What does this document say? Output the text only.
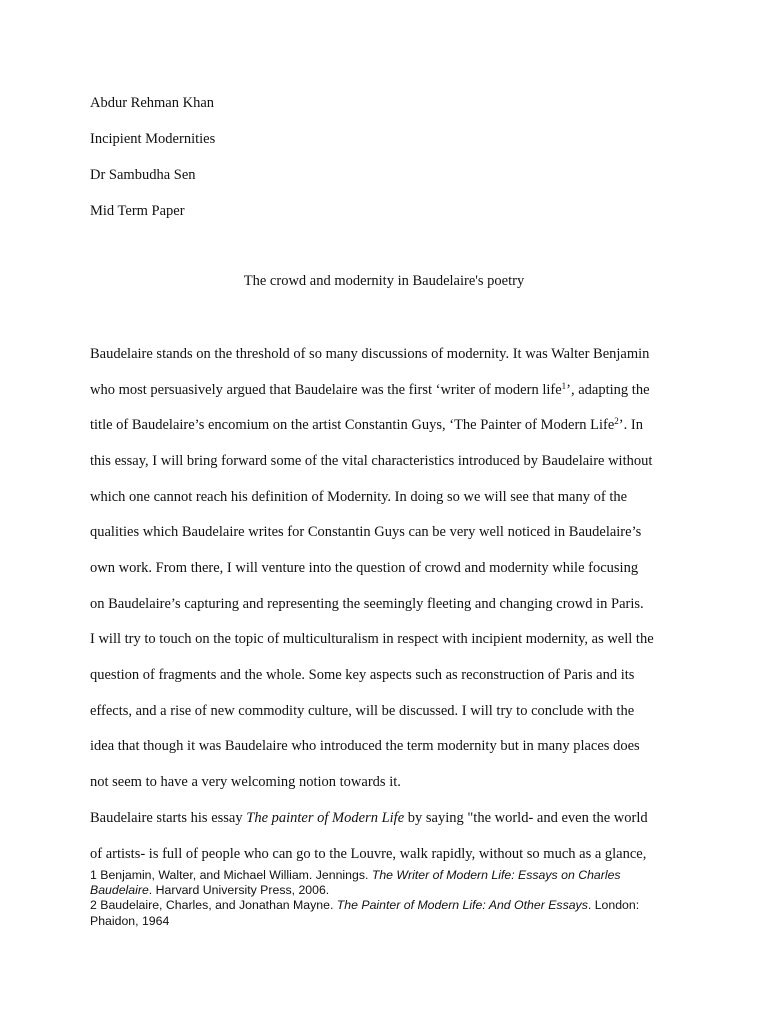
Abdur Rehman Khan
Incipient Modernities
Dr Sambudha Sen
Mid Term Paper
The crowd and modernity in Baudelaire's poetry
Baudelaire stands on the threshold of so many discussions of modernity. It was Walter Benjamin
who most persuasively argued that Baudelaire was the first ‘writer of modern life$^1$’, adapting the
title of Baudelaire’s encomium on the artist Constantin Guys, ‘The Painter of Modern Life$^2$’. In
this essay, I will bring forward some of the vital characteristics introduced by Baudelaire without
which one cannot reach his definition of Modernity. In doing so we will see that many of the
qualities which Baudelaire writes for Constantin Guys can be very well noticed in Baudelaire’s
own work. From there, I will venture into the question of crowd and modernity while focusing
on Baudelaire’s capturing and representing the seemingly fleeting and changing crowd in Paris.
I will try to touch on the topic of multiculturalism in respect with incipient modernity, as well the
question of fragments and the whole. Some key aspects such as reconstruction of Paris and its
effects, and a rise of new commodity culture, will be discussed. I will try to conclude with the
idea that though it was Baudelaire who introduced the term modernity but in many places does
not seem to have a very welcoming notion towards it.
Baudelaire starts his essay The painter of Modern Life by saying "the world- and even the world
of artists- is full of people who can go to the Louvre, walk rapidly, without so much as a glance,

1 Benjamin, Walter, and Michael William. Jennings. The Writer of Modern Life: Essays on Charles
Baudelaire. Harvard University Press, 2006.

2 Baudelaire, Charles, and Jonathan Mayne. The Painter of Modern Life: And Other Essays. London:
Phaidon, 1964
